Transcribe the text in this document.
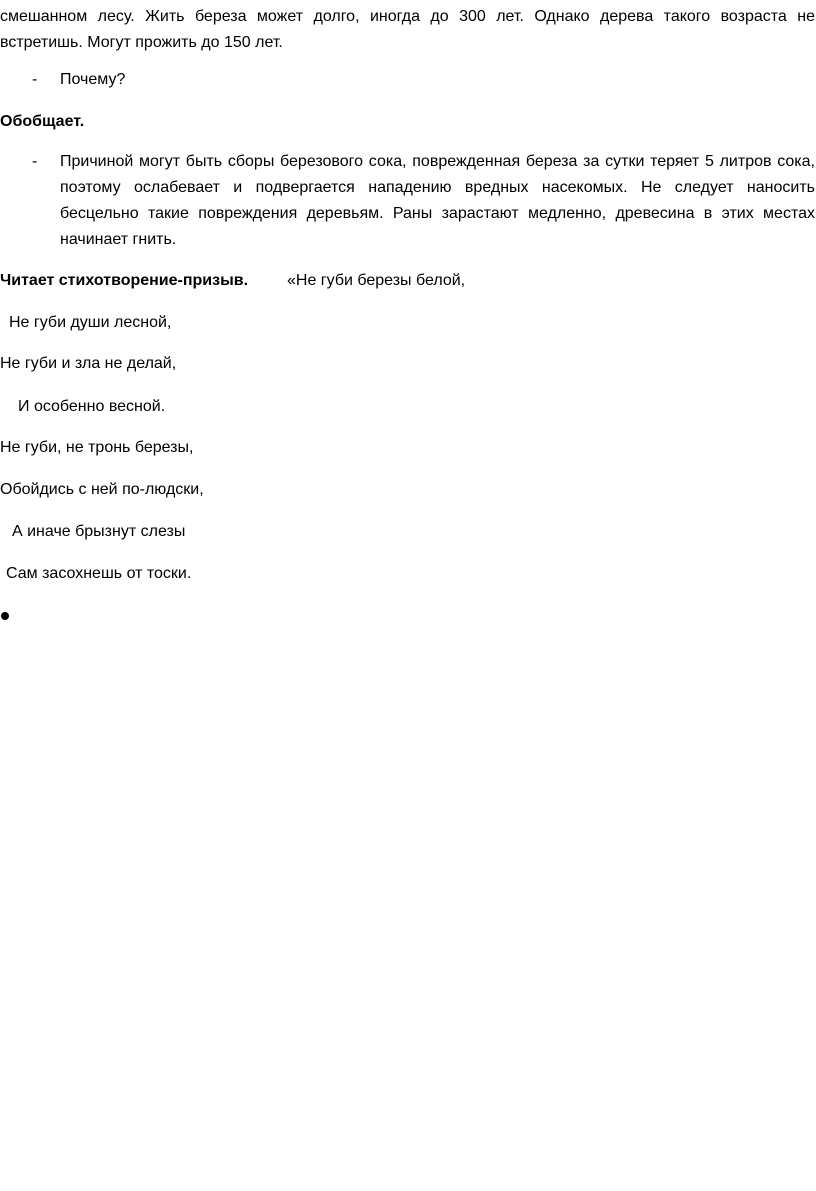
смешанном лесу. Жить береза может долго, иногда до 300 лет. Однако дерева такого возраста не
встретишь. Могут прожить до 150 лет.
- Почему?
Обобщает.
- Причиной могут быть сборы березового сока, поврежденная береза за сутки теряет 5 литров сока,
поэтому ослабевает и подвергается нападению вредных насекомых. Не следует наносить
бесцельно такие повреждения деревьям. Раны зарастают медленно, древесина в этих местах
начинает гнить.
Читает стихотворение-призыв. «Не губи березы белой,
Не губи души лесной,
Не губи и зла не делай,
И особенно весной.
Не губи, не тронь березы,
Обойдись с ней по-людски,
А иначе брызнут слезы
Сам засохнешь от тоски.
